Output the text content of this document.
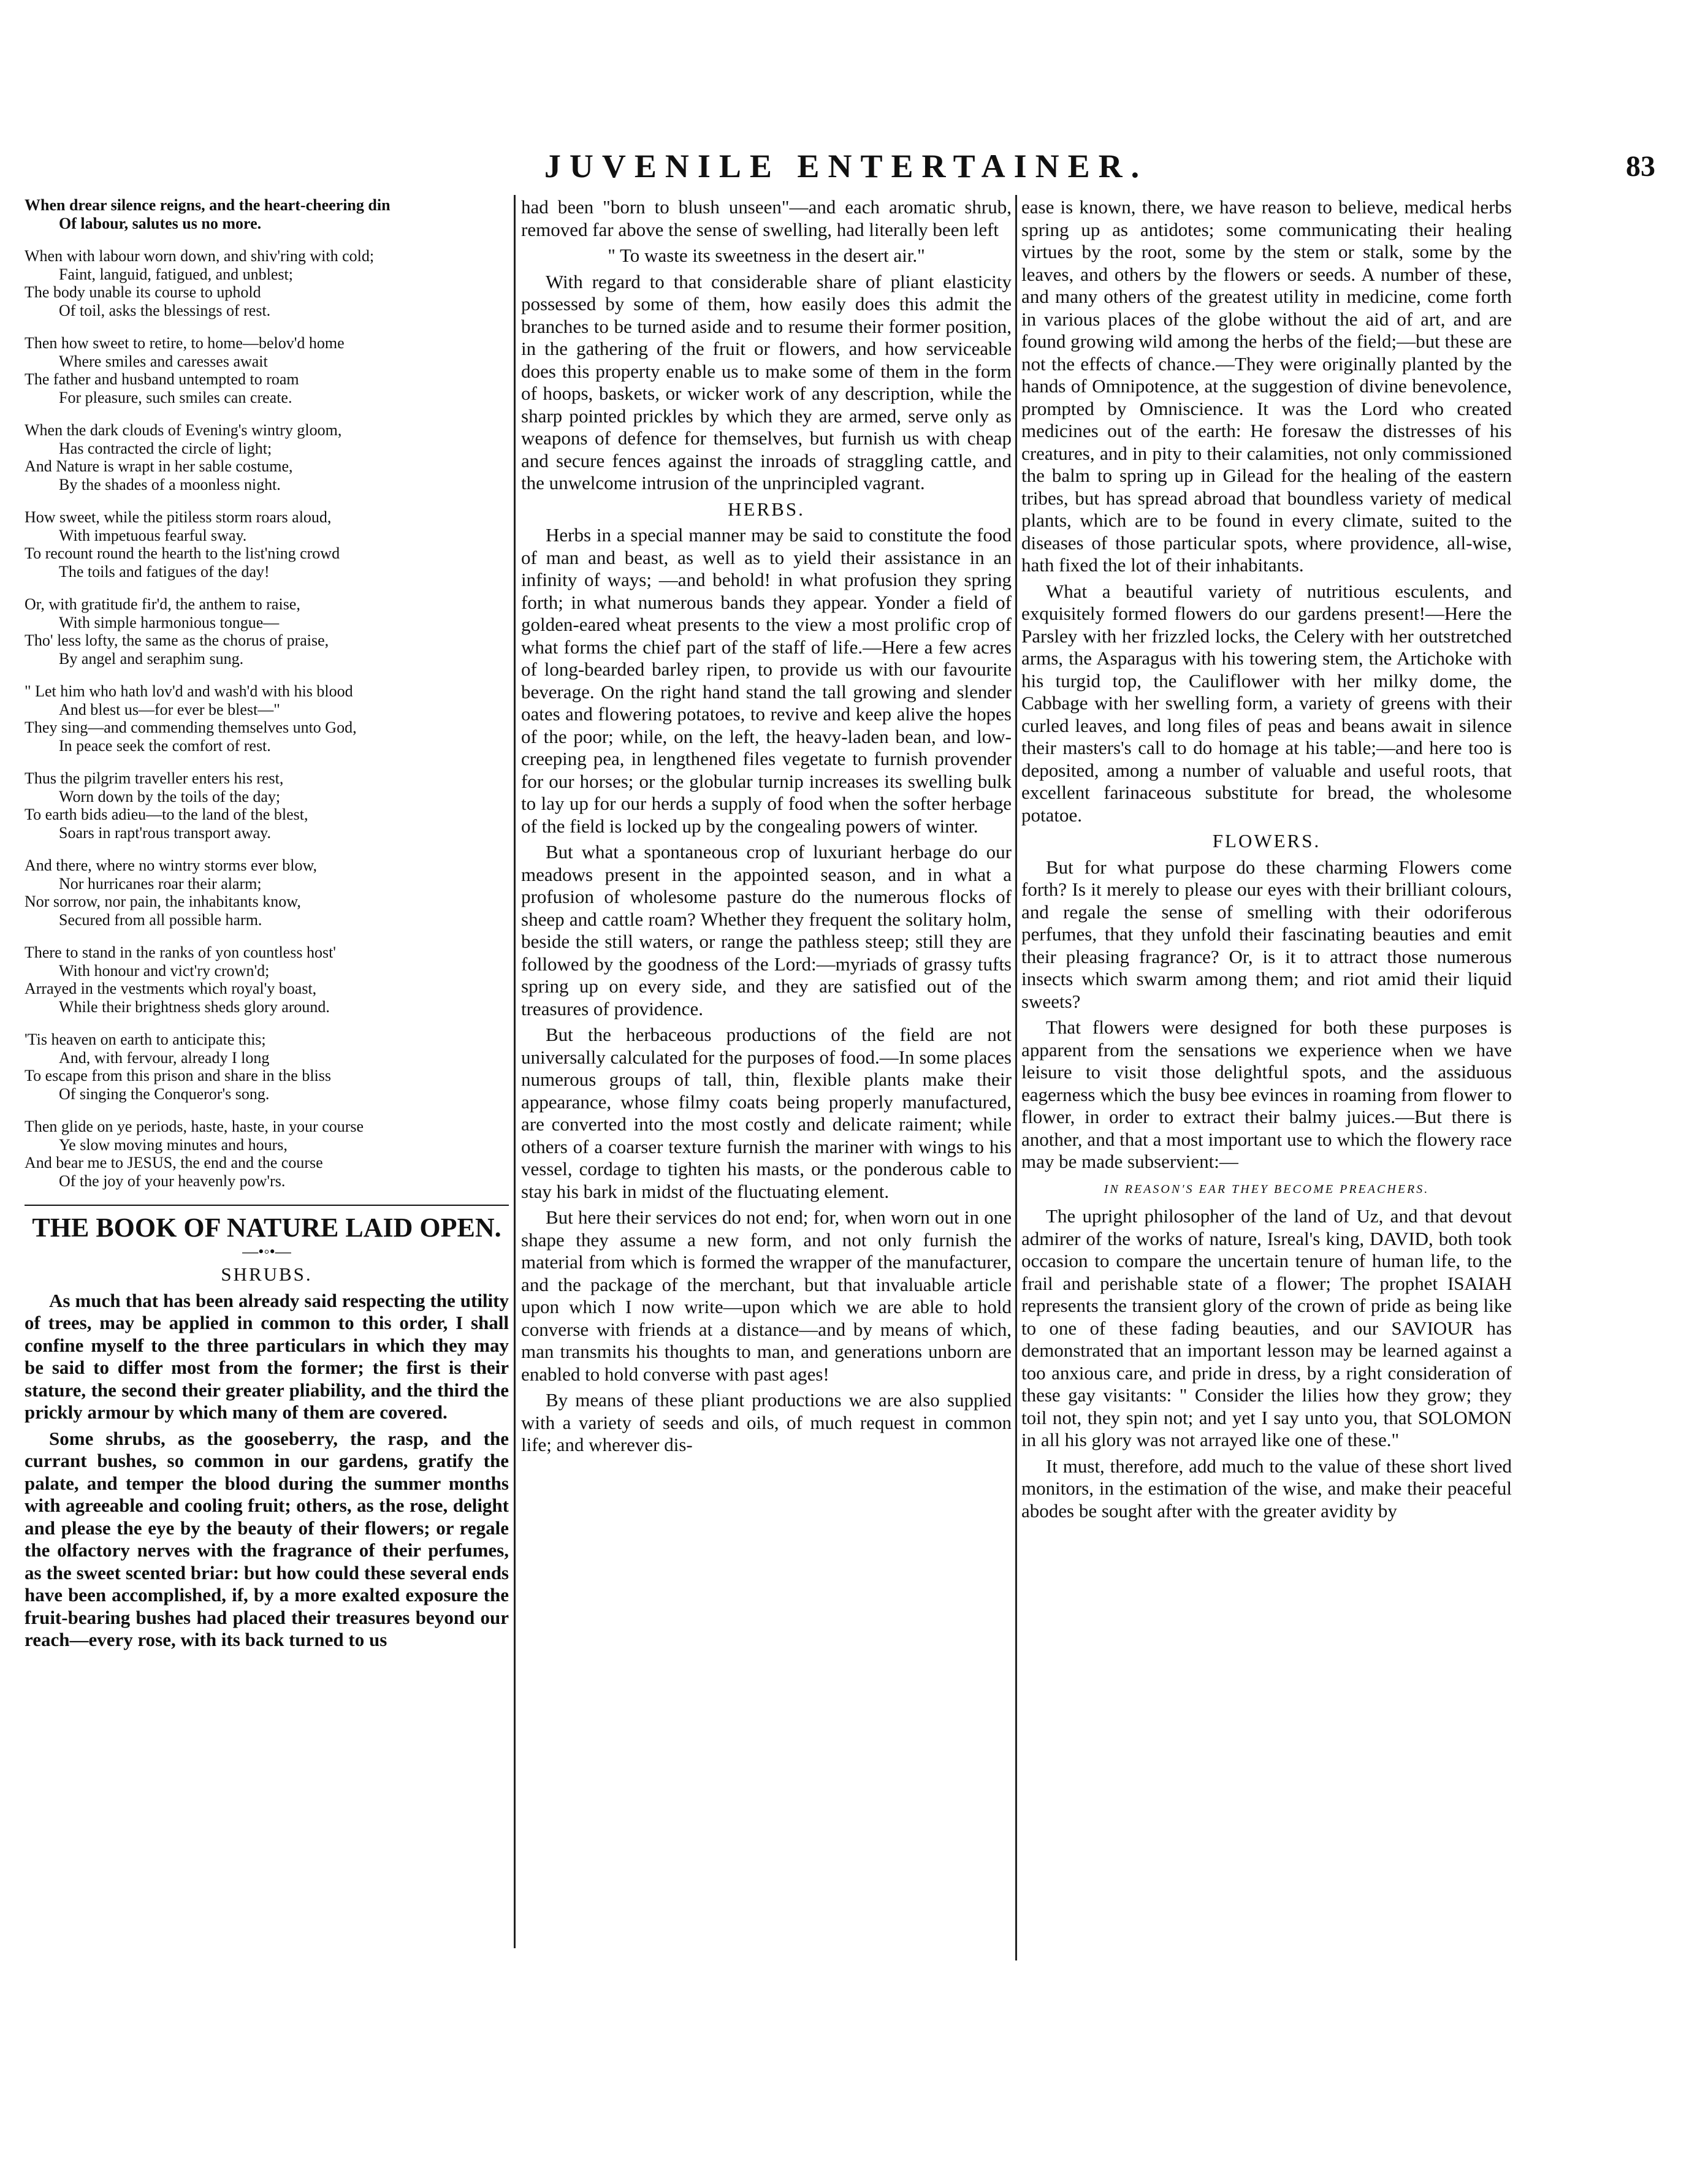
JUVENILE ENTERTAINER.	83
When drear silence reigns, and the heart-cheering din
Of labour, salutes us no more.
When with labour worn down, and shiv'ring with cold;
Faint, languid, fatigued, and unblest;
The body unable its course to uphold
Of toil, asks the blessings of rest.
Then how sweet to retire, to home—belov'd home
Where smiles and caresses await
The father and husband untempted to roam
For pleasure, such smiles can create.
When the dark clouds of Evening's wintry gloom,
Has contracted the circle of light;
And Nature is wrapt in her sable costume,
By the shades of a moonless night.
How sweet, while the pitiless storm roars aloud,
With impetuous fearful sway.
To recount round the hearth to the list'ning crowd
The toils and fatigues of the day!
Or, with gratitude fir'd, the anthem to raise,
With simple harmonious tongue—
Tho' less lofty, the same as the chorus of praise,
By angel and seraphim sung.
" Let him who hath lov'd and wash'd with his blood
And blest us—for ever be blest—"
They sing—and commending themselves unto God,
In peace seek the comfort of rest.
Thus the pilgrim traveller enters his rest,
Worn down by the toils of the day;
To earth bids adieu—to the land of the blest,
Soars in rapt'rous transport away.
And there, where no wintry storms ever blow,
Nor hurricanes roar their alarm;
Nor sorrow, nor pain, the inhabitants know,
Secured from all possible harm.
There to stand in the ranks of yon countless host'
With honour and vict'ry crown'd;
Arrayed in the vestments which royal'y boast,
While their brightness sheds glory around.
'Tis heaven on earth to anticipate this;
And, with fervour, already I long
To escape from this prison and share in the bliss
Of singing the Conqueror's song.
Then glide on ye periods, haste, haste, in your course
Ye slow moving minutes and hours,
And bear me to JESUS, the end and the course
Of the joy of your heavenly pow'rs.
THE BOOK OF NATURE LAID OPEN.
—•◦•—
SHRUBS.

As much that has been already said respecting the utility of trees, may be applied in common to this order, I shall confine myself to the three particulars in which they may be said to differ most from the former; the first is their stature, the second their greater pliability, and the third the prickly armour by which many of them are covered.

Some shrubs, as the gooseberry, the rasp, and the currant bushes, so common in our gardens, gratify the palate, and temper the blood during the summer months with agreeable and cooling fruit; others, as the rose, delight and please the eye by the beauty of their flowers; or regale the olfactory nerves with the fragrance of their perfumes, as the sweet scented briar: but how could these several ends have been accomplished, if, by a more exalted exposure the fruit-bearing bushes had placed their treasures beyond our reach—every rose, with its back turned to us

had been "born to blush unseen"—and each aromatic shrub, removed far above the sense of swelling, had literally been left

" To waste its sweetness in the desert air."

With regard to that considerable share of pliant elasticity possessed by some of them, how easily does this admit the branches to be turned aside and to resume their former position, in the gathering of the fruit or flowers, and how serviceable does this property enable us to make some of them in the form of hoops, baskets, or wicker work of any description, while the sharp pointed prickles by which they are armed, serve only as weapons of defence for themselves, but furnish us with cheap and secure fences against the inroads of straggling cattle, and the unwelcome intrusion of the unprincipled vagrant.

HERBS.

Herbs in a special manner may be said to constitute the food of man and beast, as well as to yield their assistance in an infinity of ways; —and behold! in what profusion they spring forth; in what numerous bands they appear. Yonder a field of golden-eared wheat presents to the view a most prolific crop of what forms the chief part of the staff of life.—Here a few acres of long-bearded barley ripen, to provide us with our favourite beverage. On the right hand stand the tall growing and slender oates and flowering potatoes, to revive and keep alive the hopes of the poor; while, on the left, the heavy-laden bean, and low-creeping pea, in lengthened files vegetate to furnish provender for our horses; or the globular turnip increases its swelling bulk to lay up for our herds a supply of food when the softer herbage of the field is locked up by the congealing powers of winter.

But what a spontaneous crop of luxuriant herbage do our meadows present in the appointed season, and in what a profusion of wholesome pasture do the numerous flocks of sheep and cattle roam? Whether they frequent the solitary holm, beside the still waters, or range the pathless steep; still they are followed by the goodness of the Lord:—myriads of grassy tufts spring up on every side, and they are satisfied out of the treasures of providence.

But the herbaceous productions of the field are not universally calculated for the purposes of food.—In some places numerous groups of tall, thin, flexible plants make their appearance, whose filmy coats being properly manufactured, are converted into the most costly and delicate raiment; while others of a coarser texture furnish the mariner with wings to his vessel, cordage to tighten his masts, or the ponderous cable to stay his bark in midst of the fluctuating element.

But here their services do not end; for, when worn out in one shape they assume a new form, and not only furnish the material from which is formed the wrapper of the manufacturer, and the package of the merchant, but that invaluable article upon which I now write—upon which we are able to hold converse with friends at a distance—and by means of which, man transmits his thoughts to man, and generations unborn are enabled to hold converse with past ages!

By means of these pliant productions we are also supplied with a variety of seeds and oils, of much request in common life; and wherever dis-

ease is known, there, we have reason to believe, medical herbs spring up as antidotes; some communicating their healing virtues by the root, some by the stem or stalk, some by the leaves, and others by the flowers or seeds. A number of these, and many others of the greatest utility in medicine, come forth in various places of the globe without the aid of art, and are found growing wild among the herbs of the field;—but these are not the effects of chance.—They were originally planted by the hands of Omnipotence, at the suggestion of divine benevolence, prompted by Omniscience. It was the Lord who created medicines out of the earth: He foresaw the distresses of his creatures, and in pity to their calamities, not only commissioned the balm to spring up in Gilead for the healing of the eastern tribes, but has spread abroad that boundless variety of medical plants, which are to be found in every climate, suited to the diseases of those particular spots, where providence, all-wise, hath fixed the lot of their inhabitants.

What a beautiful variety of nutritious esculents, and exquisitely formed flowers do our gardens present!—Here the Parsley with her frizzled locks, the Celery with her outstretched arms, the Asparagus with his towering stem, the Artichoke with his turgid top, the Cauliflower with her milky dome, the Cabbage with her swelling form, a variety of greens with their curled leaves, and long files of peas and beans await in silence their masters's call to do homage at his table;—and here too is deposited, among a number of valuable and useful roots, that excellent farinaceous substitute for bread, the wholesome potatoe.

FLOWERS.

But for what purpose do these charming Flowers come forth? Is it merely to please our eyes with their brilliant colours, and regale the sense of smelling with their odoriferous perfumes, that they unfold their fascinating beauties and emit their pleasing fragrance? Or, is it to attract those numerous insects which swarm among them; and riot amid their liquid sweets?

That flowers were designed for both these purposes is apparent from the sensations we experience when we have leisure to visit those delightful spots, and the assiduous eagerness which the busy bee evinces in roaming from flower to flower, in order to extract their balmy juices.—But there is another, and that a most important use to which the flowery race may be made subservient:—

IN REASON'S EAR THEY BECOME PREACHERS.

The upright philosopher of the land of Uz, and that devout admirer of the works of nature, Isreal's king, DAVID, both took occasion to compare the uncertain tenure of human life, to the frail and perishable state of a flower; The prophet ISAIAH represents the transient glory of the crown of pride as being like to one of these fading beauties, and our SAVIOUR has demonstrated that an important lesson may be learned against a too anxious care, and pride in dress, by a right consideration of these gay visitants: " Consider the lilies how they grow; they toil not, they spin not; and yet I say unto you, that SOLOMON in all his glory was not arrayed like one of these."

It must, therefore, add much to the value of these short lived monitors, in the estimation of the wise, and make their peaceful abodes be sought after with the greater avidity by
